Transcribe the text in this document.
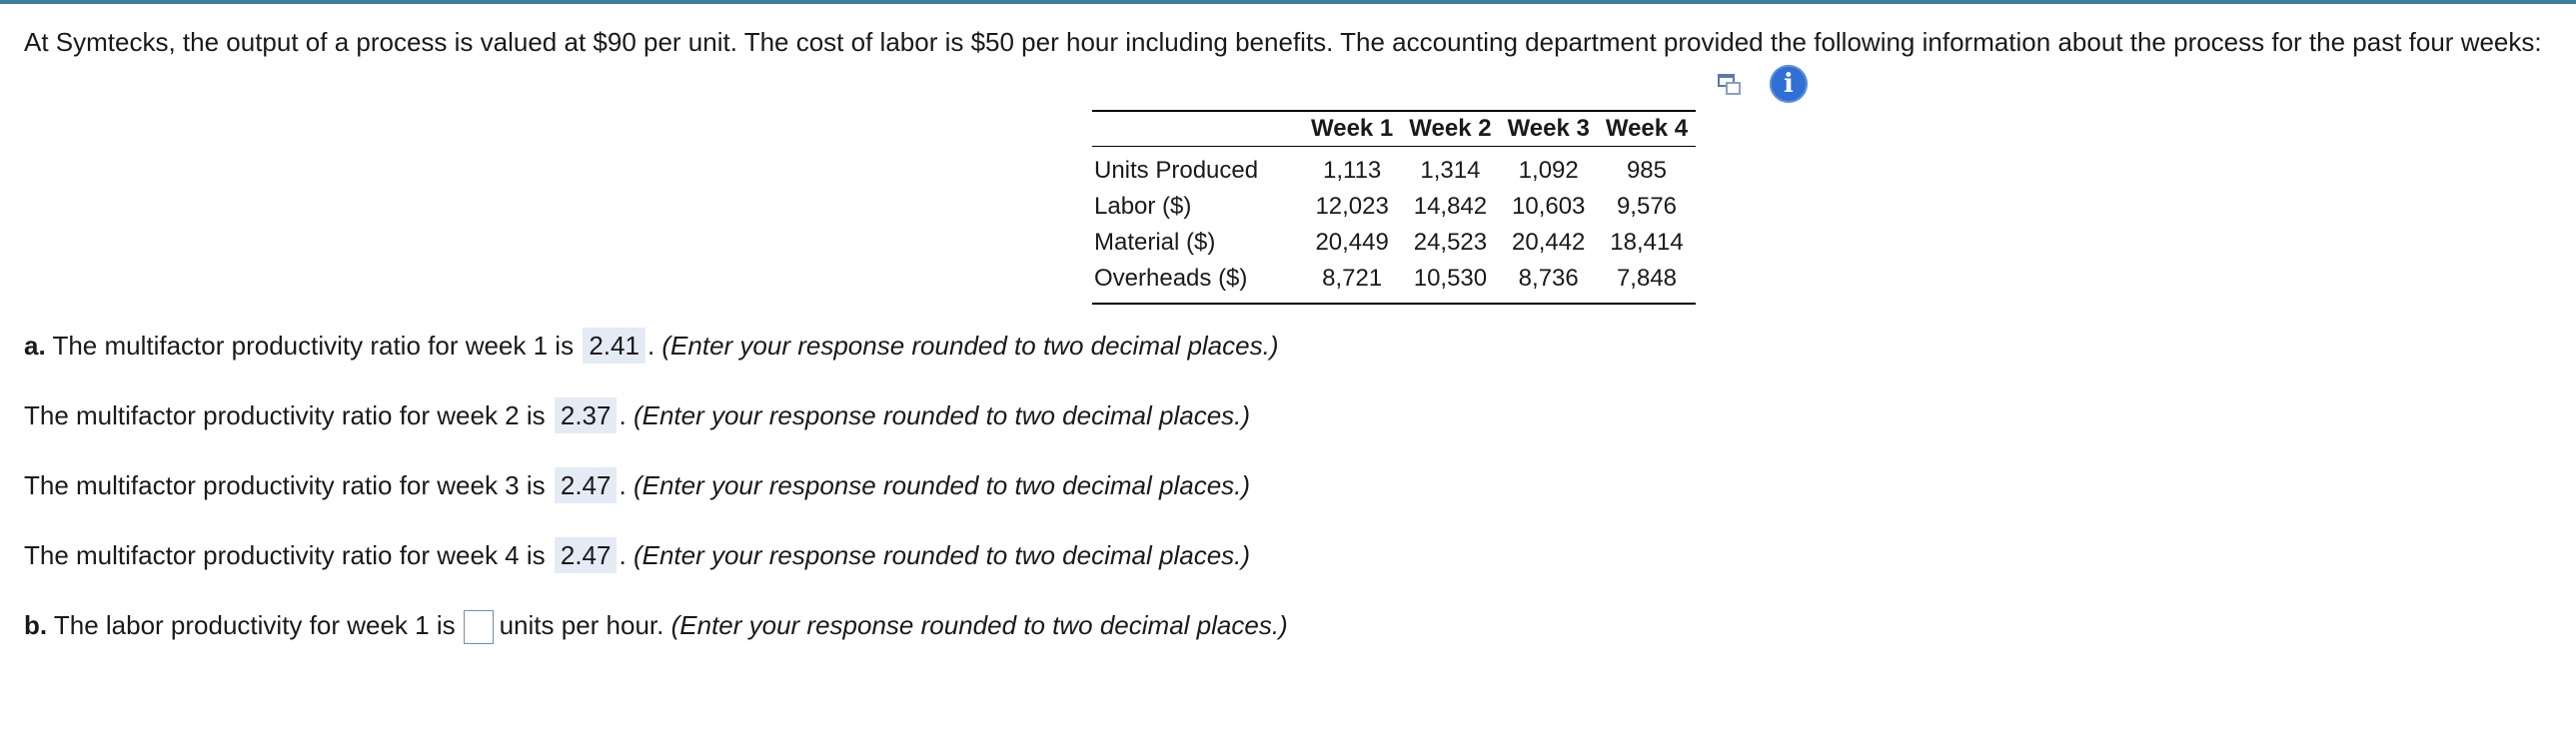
At Symtecks, the output of a process is valued at $90 per unit. The cost of labor is $50 per hour including benefits. The accounting department provided the following information about the process for the past four weeks:
i
	Week 1	Week 2	Week 3	Week 4
Units Produced	1,113	1,314	1,092	985
Labor ($)	12,023	14,842	10,603	9,576
Material ($)	20,449	24,523	20,442	18,414
Overheads ($)	8,721	10,530	8,736	7,848
a. The multifactor productivity ratio for week 1 is 2.41 . (Enter your response rounded to two decimal places.)
The multifactor productivity ratio for week 2 is 2.37 . (Enter your response rounded to two decimal places.)
The multifactor productivity ratio for week 3 is 2.47 . (Enter your response rounded to two decimal places.)
The multifactor productivity ratio for week 4 is 2.47 . (Enter your response rounded to two decimal places.)
b. The labor productivity for week 1 is units per hour. (Enter your response rounded to two decimal places.)
